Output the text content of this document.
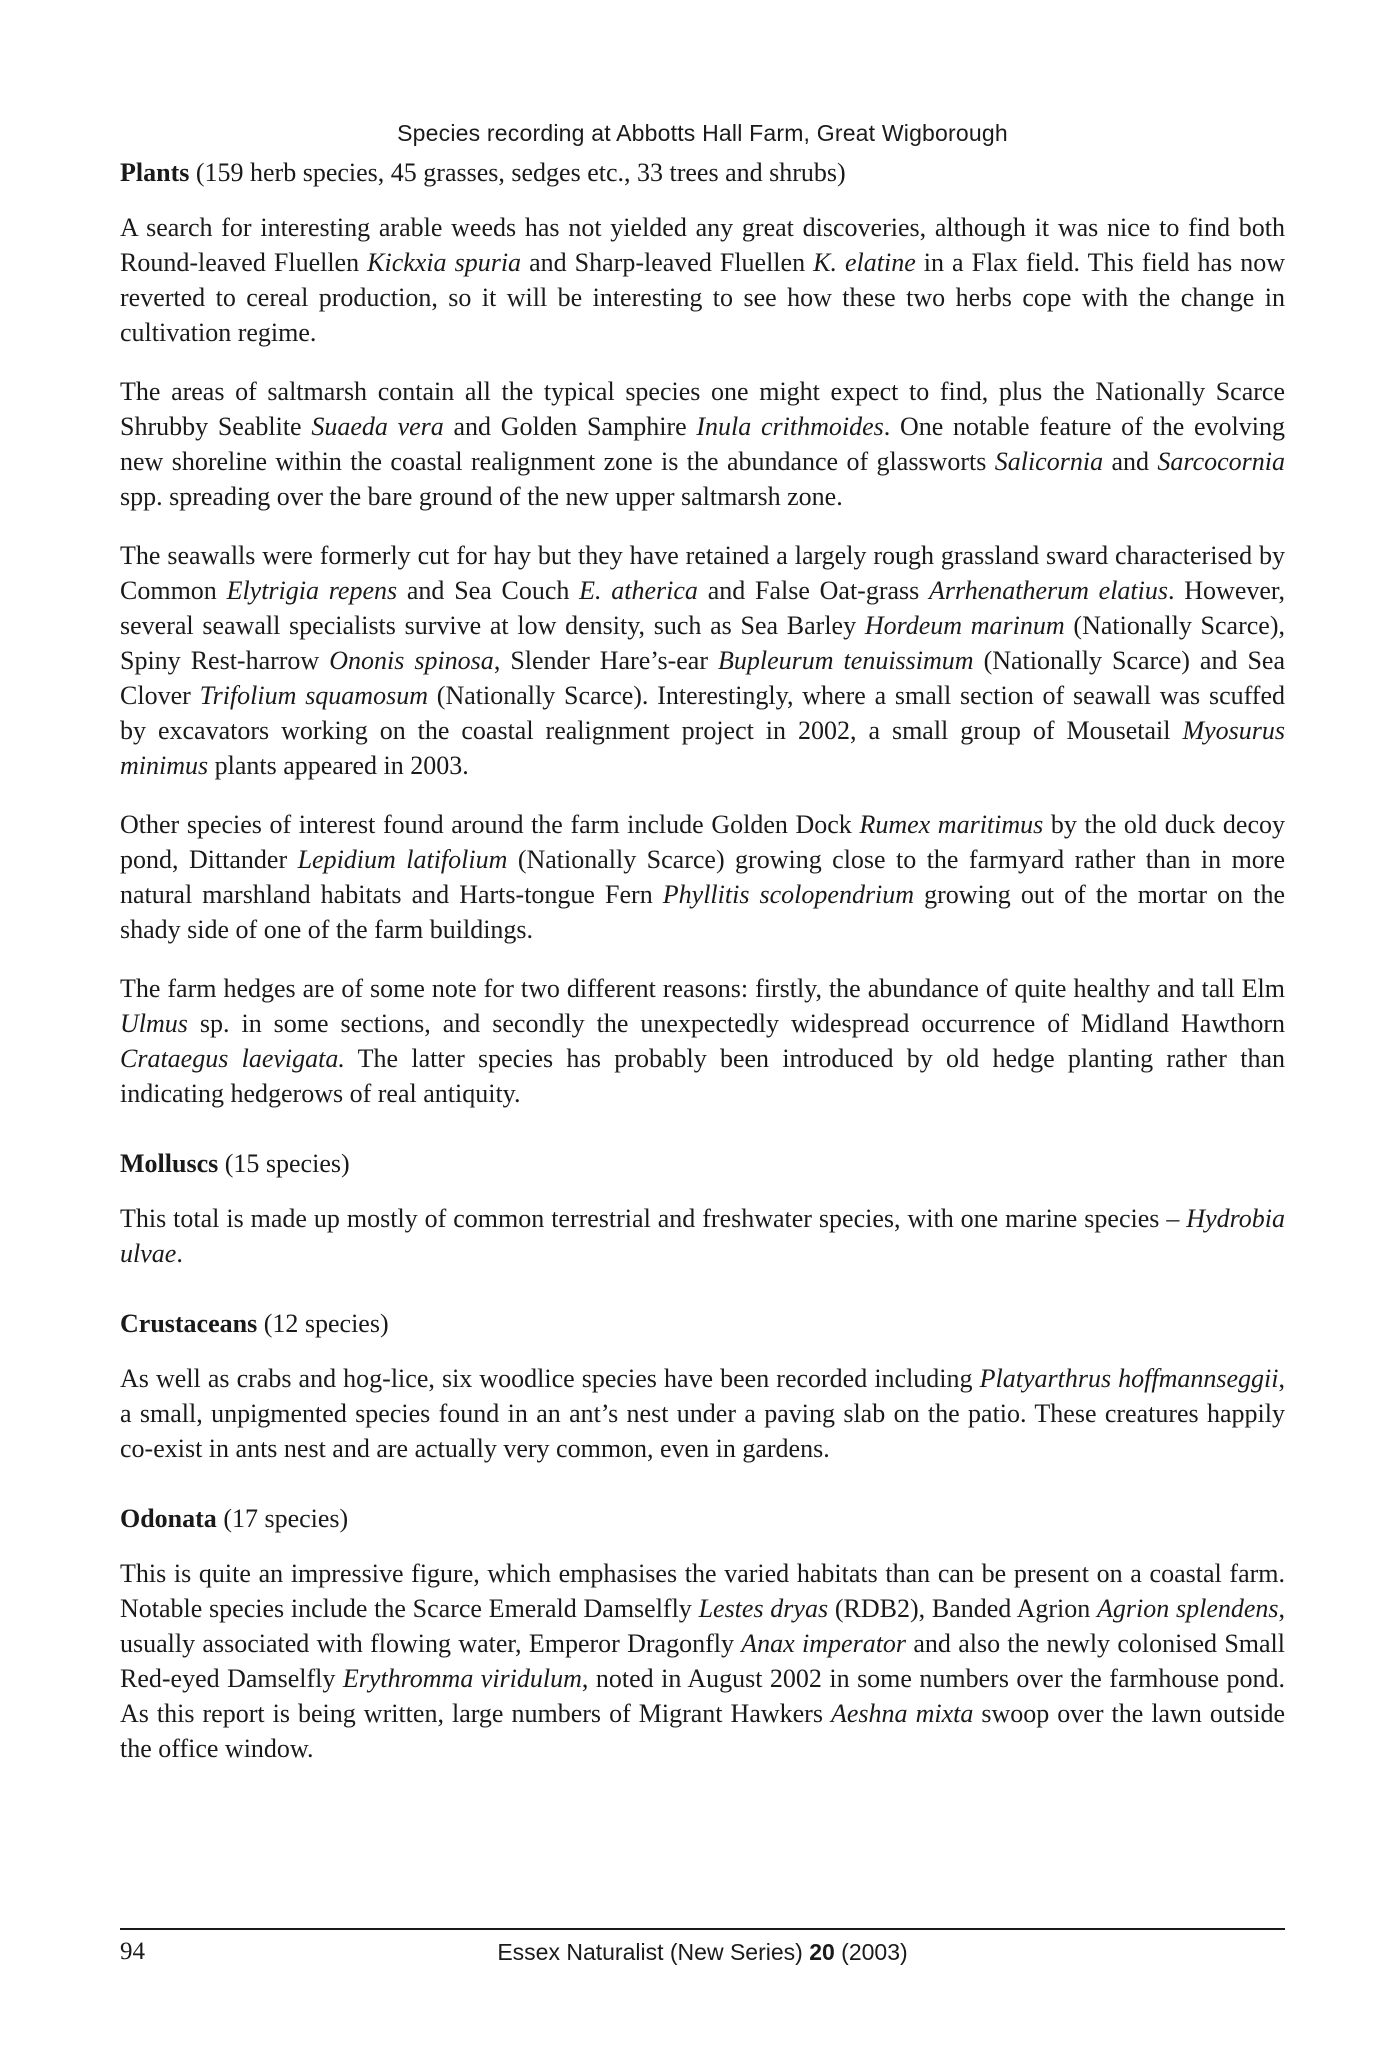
Species recording at Abbotts Hall Farm, Great Wigborough
Plants (159 herb species, 45 grasses, sedges etc., 33 trees and shrubs)

A search for interesting arable weeds has not yielded any great discoveries, although it was nice to find both Round-leaved Fluellen Kickxia spuria and Sharp-leaved Fluellen K. elatine in a Flax field. This field has now reverted to cereal production, so it will be interesting to see how these two herbs cope with the change in cultivation regime.

The areas of saltmarsh contain all the typical species one might expect to find, plus the Nationally Scarce Shrubby Seablite Suaeda vera and Golden Samphire Inula crithmoides. One notable feature of the evolving new shoreline within the coastal realignment zone is the abundance of glassworts Salicornia and Sarcocornia spp. spreading over the bare ground of the new upper saltmarsh zone.

The seawalls were formerly cut for hay but they have retained a largely rough grassland sward characterised by Common Elytrigia repens and Sea Couch E. atherica and False Oat-grass Arrhenatherum elatius. However, several seawall specialists survive at low density, such as Sea Barley Hordeum marinum (Nationally Scarce), Spiny Rest-harrow Ononis spinosa, Slender Hare’s-ear Bupleurum tenuissimum (Nationally Scarce) and Sea Clover Trifolium squamosum (Nationally Scarce). Interestingly, where a small section of seawall was scuffed by excavators working on the coastal realignment project in 2002, a small group of Mousetail Myosurus minimus plants appeared in 2003.

Other species of interest found around the farm include Golden Dock Rumex maritimus by the old duck decoy pond, Dittander Lepidium latifolium (Nationally Scarce) growing close to the farmyard rather than in more natural marshland habitats and Harts-tongue Fern Phyllitis scolopendrium growing out of the mortar on the shady side of one of the farm buildings.

The farm hedges are of some note for two different reasons: firstly, the abundance of quite healthy and tall Elm Ulmus sp. in some sections, and secondly the unexpectedly widespread occurrence of Midland Hawthorn Crataegus laevigata. The latter species has probably been introduced by old hedge planting rather than indicating hedgerows of real antiquity.

Molluscs (15 species)

This total is made up mostly of common terrestrial and freshwater species, with one marine species – Hydrobia ulvae.

Crustaceans (12 species)

As well as crabs and hog-lice, six woodlice species have been recorded including Platyarthrus hoffmannseggii, a small, unpigmented species found in an ant’s nest under a paving slab on the patio. These creatures happily co-exist in ants nest and are actually very common, even in gardens.

Odonata (17 species)

This is quite an impressive figure, which emphasises the varied habitats than can be present on a coastal farm. Notable species include the Scarce Emerald Damselfly Lestes dryas (RDB2), Banded Agrion Agrion splendens, usually associated with flowing water, Emperor Dragonfly Anax imperator and also the newly colonised Small Red-eyed Damselfly Erythromma viridulum, noted in August 2002 in some numbers over the farmhouse pond. As this report is being written, large numbers of Migrant Hawkers Aeshna mixta swoop over the lawn outside the office window.

94	Essex Naturalist (New Series) 20 (2003)
